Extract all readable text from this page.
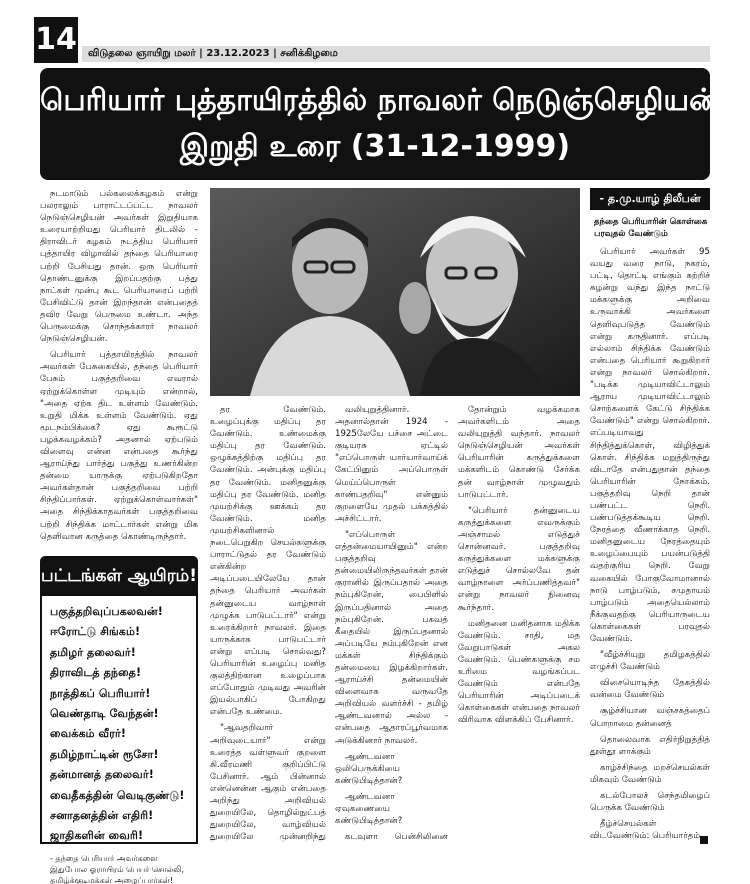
14	விடுதலை ஞாயிறு மலர் | 23.12.2023 | சனிக்கிழமை
பெரியார் புத்தாயிரத்தில் நாவலர் நெடுஞ்செழியன்
இறுதி உரை (31-12-1999)

நடமாடும் பல்கலைக்கழகம் என்று பலராலும் பாராட்டப்பட்ட நாவலர் நெடுஞ்செழியன் அவர்கள் இறுதியாக உரையாற்றியது பெரியார் திடலில் - திராவிடர் கழகம் நடத்திய பெரியார் புத்தாயிர விழாவில் தந்தை பெரியாரை பற்றி பேசியது தான். ஒரு பெரியார் தொண்டனுக்கு இறப்பதற்கு பத்து நாட்கள் முன்பு கூட பெரியாரைப் பற்றி பேசிவிட்டு தான் இறந்தான் என்பதைத் தவிர வேறு பெருமை உண்டா. அந்த பெருமைக்கு சொந்தக்காரர் நாவலர் நெடுஞ்செழியன்.

பெரியார் புத்தாயிரத்தில் நாவலர் அவர்கள் பேசுகையில், தந்தை பெரியார் பேசும் பகுத்தறிவை எவரால் ஏற்றுக்கொள்ள முடியும் என்றால், "அதை ஏற்க திட உள்ளம் வேண்டும். உறுதி மிக்க உள்ளம் வேண்டும். ஏது மூடநம்பிக்கை? ஏது கூரூட்டு பழக்கவழக்கம்? அதனால் ஏற்படும் விளைவு என்ன என்பதை கூர்ந்து ஆராய்ந்து பார்த்து பகுத்து உணர்கின்ற தன்மை யாருக்கு ஏற்படுகிறதோ அவர்கள்தான் பகுத்தறிவை பற்றி சிந்திப்பார்கள். ஏற்றுக்கொள்வார்கள்" அதை சிந்திக்காதவர்கள் பகுத்தறிவை பற்றி சிந்திக்க மாட்டார்கள் என்று மிக தெளிவான கருத்தை கொண்டிருந்தார்.

தர வேண்டும். உழைப்புக்கு மதிப்பு தர வேண்டும். உண்மைக்கு மதிப்பு தர வேண்டும். ஒழுக்கத்திற்கு மதிப்பு தர வேண்டும். அன்புக்கு மதிப்பு தர வேண்டும். மனிதனுக்கு மதிப்பு தர வேண்டும். மனித முயற்சிக்கு ஊக்கம் தர வேண்டும். மனித முயற்சிகளினால் நடைபெறுகிற செயல்களுக்கு பாராட்டுதல் தர வேண்டும் என்கின்ற அடிப்படையிலேயே தான் தந்தை பெரியார் அவர்கள் தன்னுடைய வாழ்நாள் முழுக்க பாடுபட்டார்" என்று உரைக்கிறார் நாவலர். இதை யாருக்காக பாடுபட்டார் என்று எப்படி சொல்வது? பெரியாரின் உழைப்பு மனித குலத்திற்கான உழைப்பாக எப்போதும் முடிவது அவரின் இயல்பாகிப் போகிறது என்பதே உண்மை.

"ஆவதறிவார் அறிவுடையார்" என்று உரைத்த வள்ளுவர் குறளை கி.வீரமணி குறிப்பிட்டு பேசினார். ஆம் பின்னால் என்னென்ன ஆகும் என்பதை அறிந்து அறிவியல் துறையிலே, தொழில்நுட்பத் துறையிலே, வாழ்வியல் துறையிலே முன்னறிந்து

வலியுறுத்தினார். அதனால்தான் 1924 - 1925லேயே பச்சை அட்டை குடியரசு ஏட்டில் "எப்பொருள் யார்யார்வாய்க் கேட்பினும் அப்பொருள் மெய்ப்பொருள் காண்பதறிவு" என்னும் குறளையே முதல் பக்கத்தில் அச்சிட்டார்.

"எப்பொருள் எத்தன்மையாயினும்" என்ற பகுத்தறிவு தன்மையிலிருந்தவர்கள் தான் குரானில் இருப்பதால் அதை நம்புகிறேன், பைபிளில் இருப்பதினால் அதை நம்புகிறேன். பகவத் கீதையில் இருப்பதனால் அப்படியே நம்புகிறேன் என மக்கள் சிந்திக்கும் தன்மையை இழக்கிறார்கள். ஆராய்ச்சி தன்மையின் விளைவாக வருவதே அறிவியல் வளர்ச்சி - தமிழ் ஆண்டவனால் அல்ல - என்பதை ஆதாரப்பூர்வமாக அடுக்கினார் நாவலர்.

ஆண்டவனா ஒலிபெருக்கியை கண்டுபிடித்தான்?

ஆண்டவனா ஏவுகணையை கண்டுபிடித்தான்?

கடவுளா பென்சிலினை

தோன்றும் வழக்கமாக அவர்களிடம் அதை வலியுறுத்தி வந்தார். நாவலர் நெடுஞ்செழியன் அவர்கள் பெரியாரின் கருத்துக்களை மக்களிடம் கொண்டு சேர்க்க தன் வாழ்நாள் முழுவதும் பாடுபட்டார்.

"பெரியார் தன்னுடைய கருத்துக்களை எவருக்கும் அஞ்சாமல் எடுத்துச் சொன்னவர். பகுத்தறிவு கருத்துக்களை மக்களுக்கு எடுத்துச் சொல்லவே தன் வாழ்நாளை அர்ப்பணித்தவர்" என்று நாவலர் நினைவு கூர்ந்தார்.

மனிதனை மனிதனாக மதிக்க வேண்டும். சாதி, மத வேறுபாடுகள் அகல வேண்டும். பெண்களுக்கு சம உரிமை வழங்கப்பட வேண்டும் என்பதே பெரியாரின் அடிப்படைக் கொள்கைகள் என்பதை நாவலர் விரிவாக விளக்கிப் பேசினார்.

- த.மு.யாழ் திலீபன்
தந்தை பெரியாரின் கொள்கை பரவுதல் வேண்டும்

பெரியார் அவர்கள் 95 வயது வரை நாடு, நகரம், பட்டி, தொட்டி எங்கும் சுற்றிச் சுழன்று வந்து இந்த நாட்டு மக்களுக்கு அறிவை உருவாக்கி அவர்களை தெளிவுபடுத்த வேண்டும் என்று கருதினார். எப்படி எல்லாம் சிந்திக்க வேண்டும் என்பதை பெரியார் கூறுகிறார் என்று நாவலர் சொல்கிறார். "படிக்க முடியாவிட்டாலும் ஆராய முடியாவிட்டாலும் சொற்களைக் கேட்டு சிந்திக்க வேண்டும்" என்று சொல்கிறார். எப்படியாவது சிந்தித்துக்கொள், விழித்துக் கொள். சிந்திக்க மறுத்திருந்து விடாதே என்பதுதான் தந்தை பெரியாரின் நோக்கம். பகுத்தறிவு நெறி தான் பண்பட்ட நெறி. பண்படுத்தக்கூடிய நெறி. நேரத்தை வீணாக்காத நெறி. மனிதனுடைய நேரத்தையும் உழைப்பையும் பயன்படுத்தி வதற்குரிய நெறி. வேறு வகையில் போகுவோமானால் நாடு பாழ்படும், சமுதாயம் பாழ்படும் அதையெல்லாம் நீக்குவதற்கு பெரியாருடைய கொள்கைகள் பரவுதல் வேண்டும்.

"வீழ்ச்சியுறு தமிழகத்தில் எழுச்சி வேண்டும்

விசையொடிந்த தேகத்தில் வன்மை வேண்டும்

சூழ்ச்சியான வஞ்சகத்தைப் பொறாமை தன்னைத்

தொலைவாக எதிர்நிறுத்தித் தூள்தூ ளாக்கும்

காழ்ச்சிந்தை மறச்செயல்கள் மிகவும் வேண்டும்

கடல்போலச் செந்தமிழைப் பெருக்க வேண்டும்

தீழ்ச்செயல்கள் விடவேண்டும்: பெரியார்தம்

பட்டங்கள் ஆயிரம்!
பகுத்தறிவுப்பகலவன்!
ஈரோட்டு சிங்கம்!
தமிழர் தலைவர்!
திராவிடத் தந்தை!
நாத்திகப் பெரியார்!
வெண்தாடி வேந்தன்!
வைக்கம் வீரர்!
தமிழ்நாட்டின் ரூசோ!
தன்மானத் தலைவர்!
வைதீகத்தின் வெடிகுண்டு!
சனாதனத்தின் எதிரி!
ஜாதிகளின் வைரி!
- தந்தை பெரியார் அவர்களை இதுபோல ஓராயிரம் பெயர் சொல்லி, தமிழ்க்குடிமக்கள் அழைப்பார்கள்!
